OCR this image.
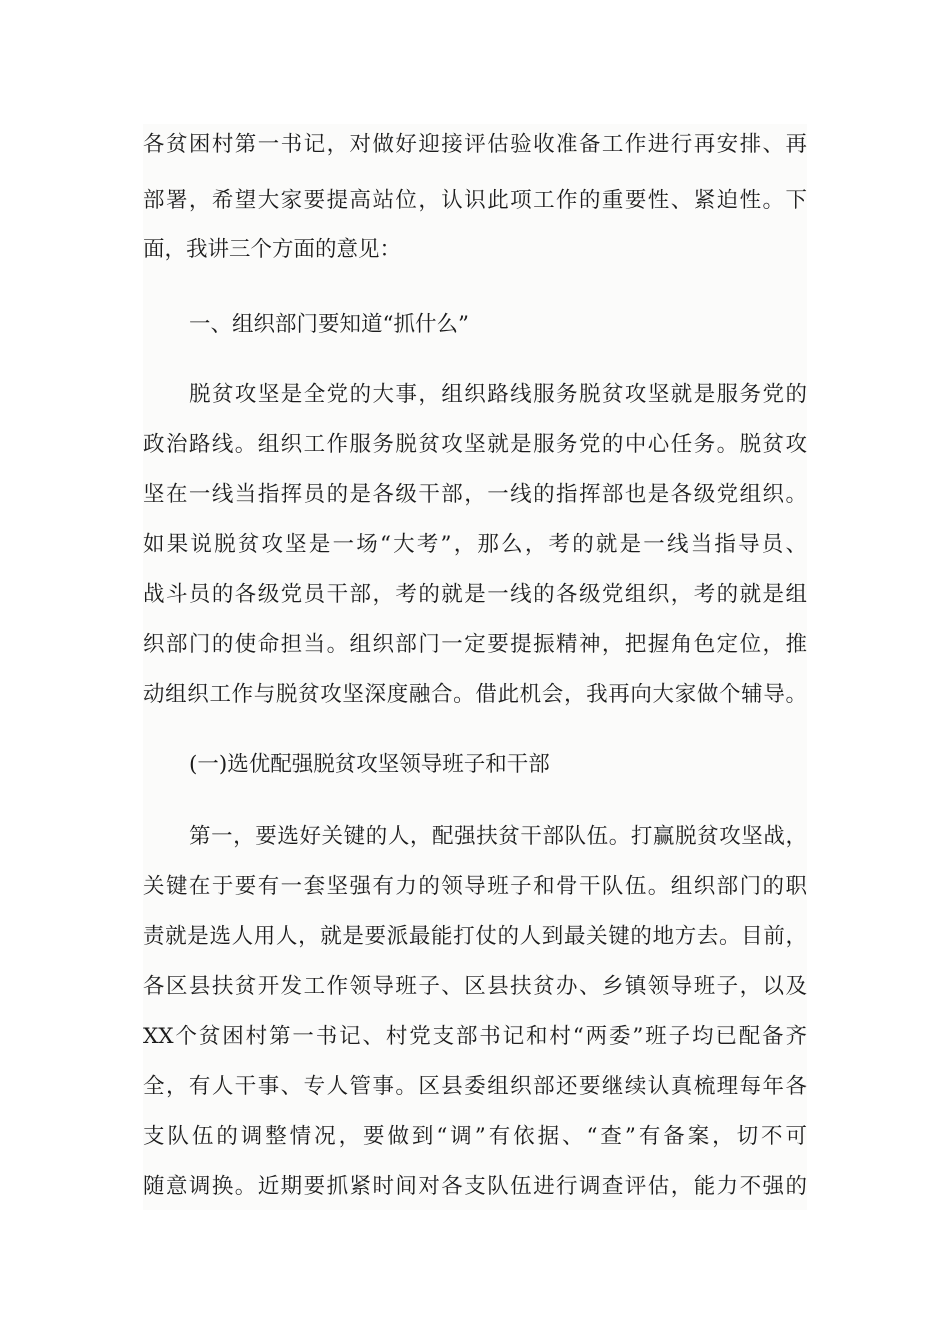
各贫困村第一书记，对做好迎接评估验收准备工作进行再安排、再
部署，希望大家要提高站位，认识此项工作的重要性、紧迫性。下
面，我讲三个方面的意见：
一、组织部门要知道“抓什么”
脱贫攻坚是全党的大事，组织路线服务脱贫攻坚就是服务党的
政治路线。组织工作服务脱贫攻坚就是服务党的中心任务。脱贫攻
坚在一线当指挥员的是各级干部，一线的指挥部也是各级党组织。
如果说脱贫攻坚是一场“大考”，那么，考的就是一线当指导员、
战斗员的各级党员干部，考的就是一线的各级党组织，考的就是组
织部门的使命担当。组织部门一定要提振精神，把握角色定位，推
动组织工作与脱贫攻坚深度融合。借此机会，我再向大家做个辅导。
(一)选优配强脱贫攻坚领导班子和干部
第一，要选好关键的人，配强扶贫干部队伍。打赢脱贫攻坚战，
关键在于要有一套坚强有力的领导班子和骨干队伍。组织部门的职
责就是选人用人，就是要派最能打仗的人到最关键的地方去。目前，
各区县扶贫开发工作领导班子、区县扶贫办、乡镇领导班子，以及
XX个贫困村第一书记、村党支部书记和村“两委”班子均已配备齐
全，有人干事、专人管事。区县委组织部还要继续认真梳理每年各
支队伍的调整情况，要做到“调”有依据、“查”有备案，切不可
随意调换。近期要抓紧时间对各支队伍进行调查评估，能力不强的
